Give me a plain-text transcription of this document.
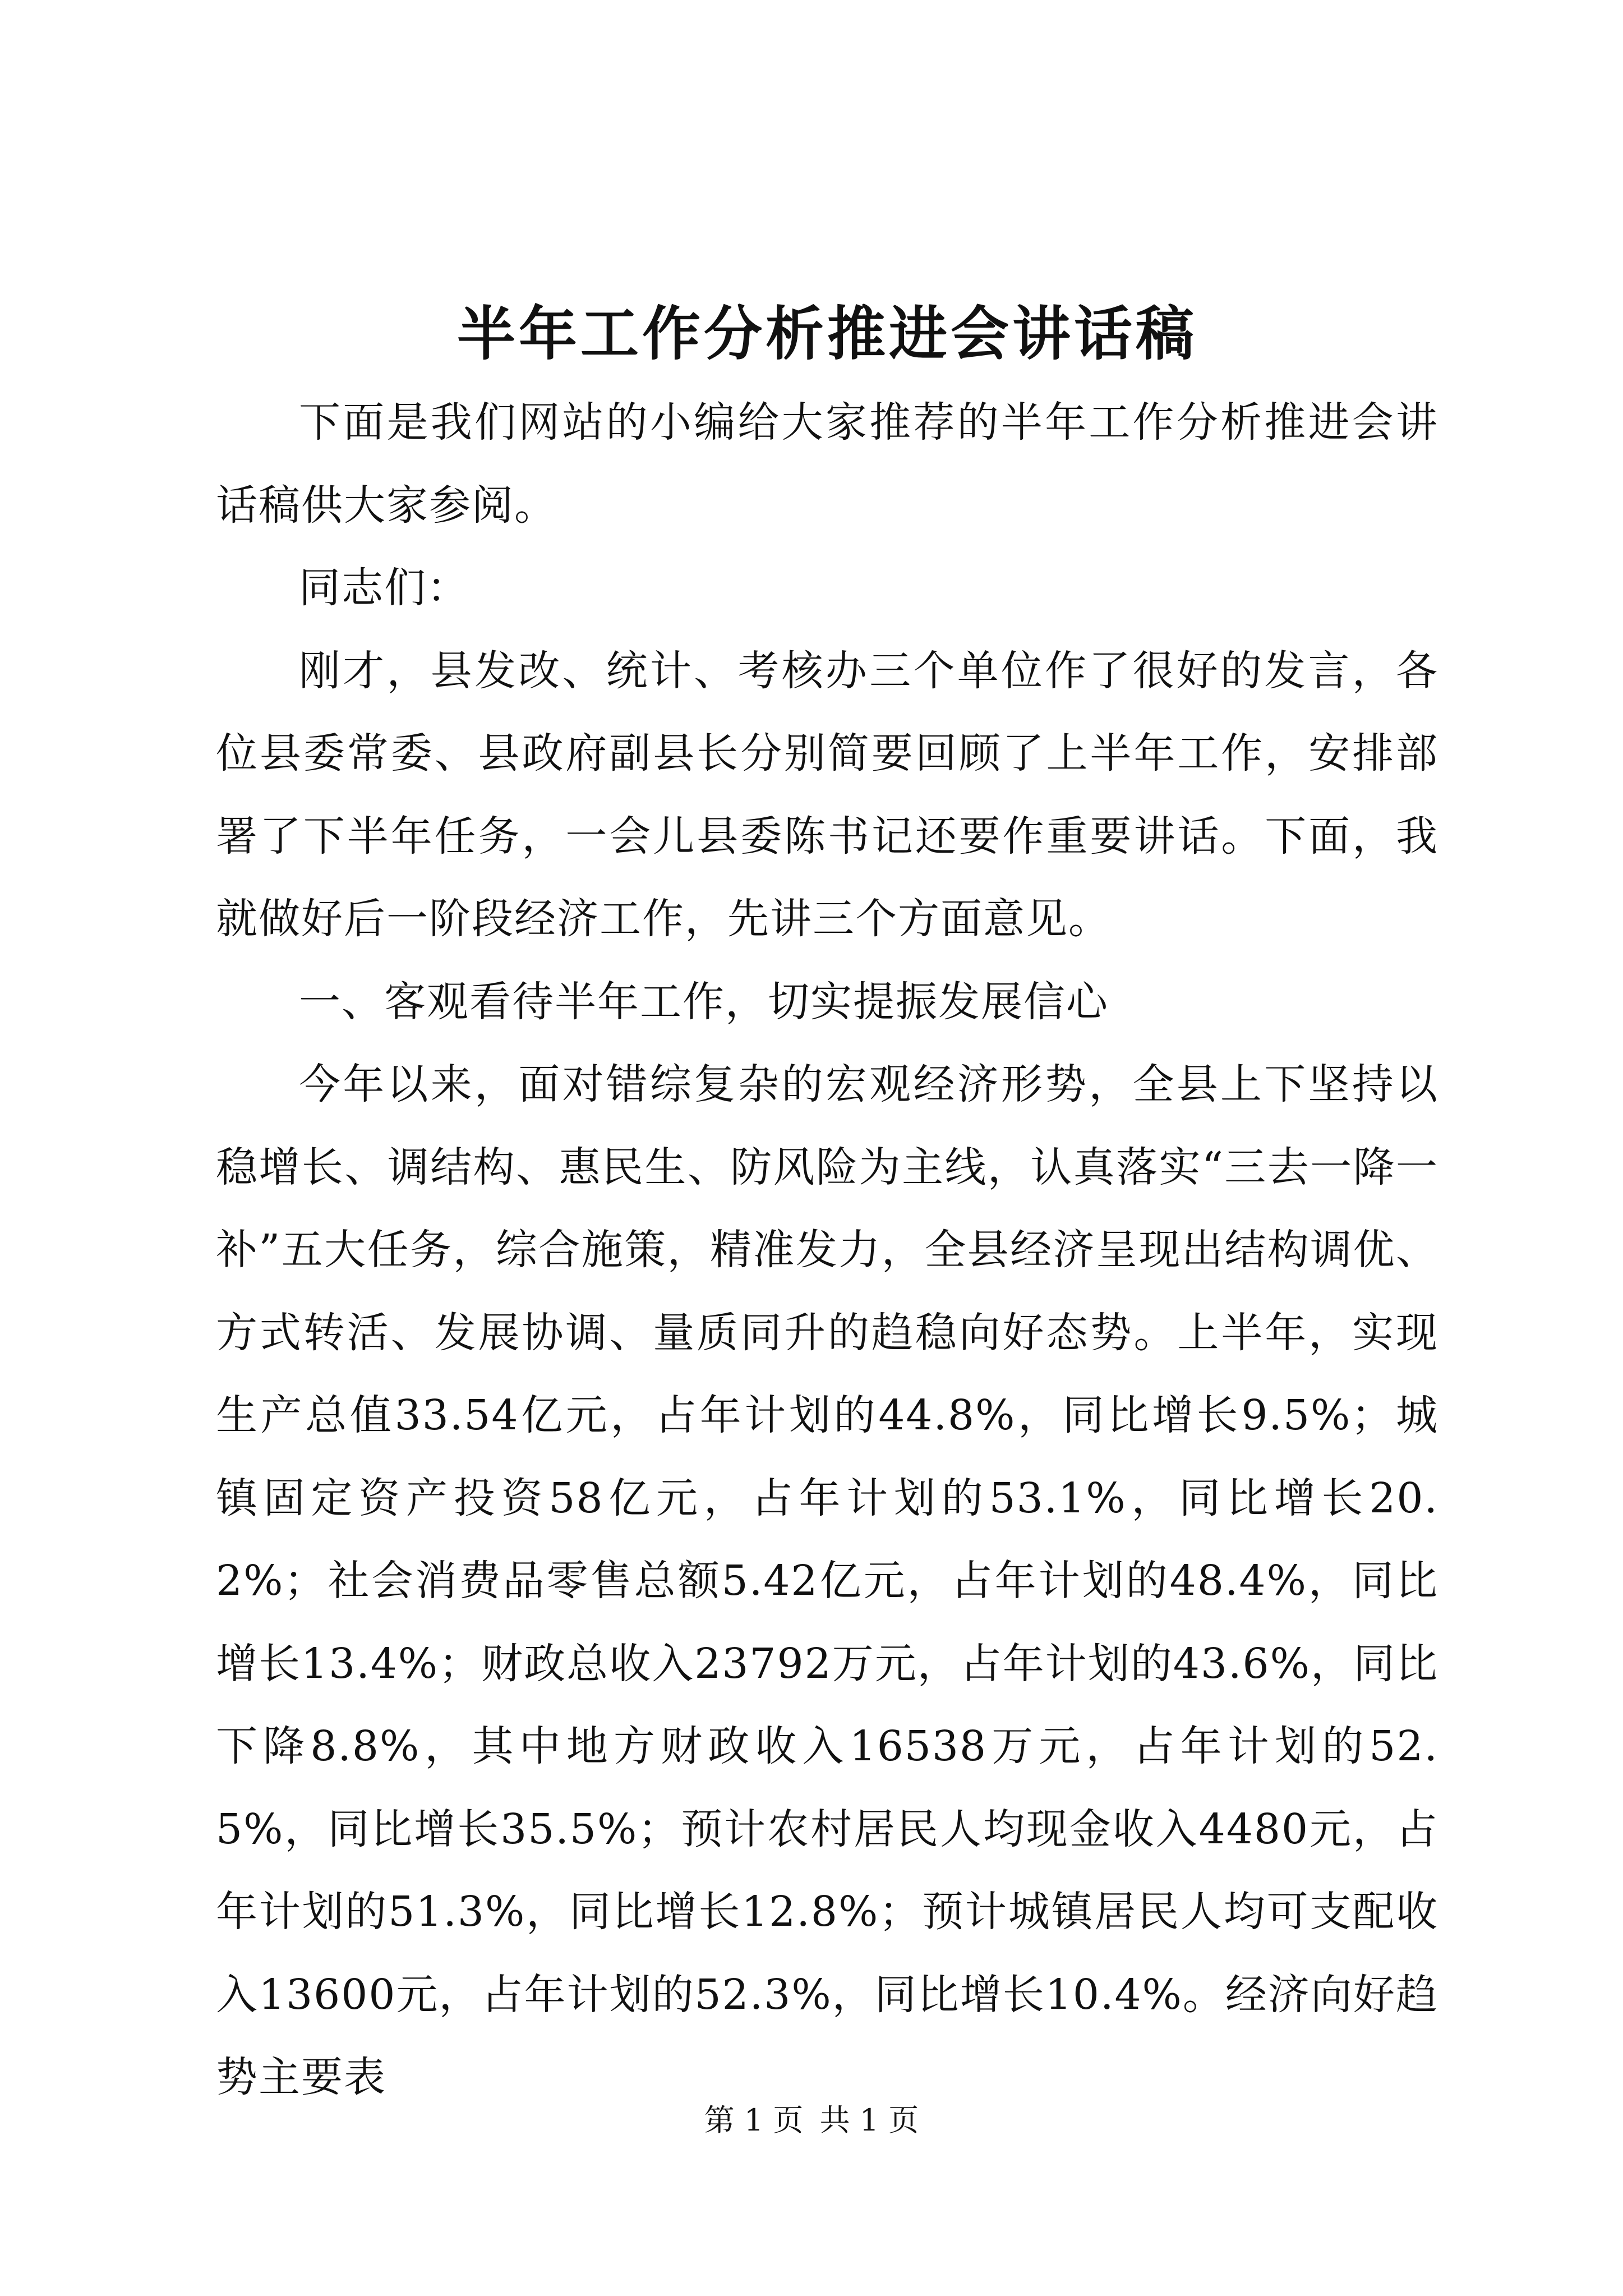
半年工作分析推进会讲话稿

下面是我们网站的小编给大家推荐的半年工作分析推进会讲话稿供大家参阅。

同志们：

刚才，县发改、统计、考核办三个单位作了很好的发言，各位县委常委、县政府副县长分别简要回顾了上半年工作，安排部署了下半年任务，一会儿县委陈书记还要作重要讲话。下面，我就做好后一阶段经济工作，先讲三个方面意见。

一、客观看待半年工作，切实提振发展信心

今年以来，面对错综复杂的宏观经济形势，全县上下坚持以稳增长、调结构、惠民生、防风险为主线，认真落实“三去一降一补”五大任务，综合施策，精准发力，全县经济呈现出结构调优、方式转活、发展协调、量质同升的趋稳向好态势。上半年，实现生产总值33.54亿元，占年计划的44.8%，同比增长9.5%；城镇固定资产投资58亿元，占年计划的53.1%，同比增长20.2%；社会消费品零售总额5.42亿元，占年计划的48.4%，同比增长13.4%；财政总收入23792万元，占年计划的43.6%，同比下降8.8%，其中地方财政收入16538万元，占年计划的52.5%，同比增长35.5%；预计农村居民人均现金收入4480元，占年计划的51.3%，同比增长12.8%；预计城镇居民人均可支配收入13600元，占年计划的52.3%，同比增长10.4%。经济向好趋势主要表

第 1 页 共 1 页
